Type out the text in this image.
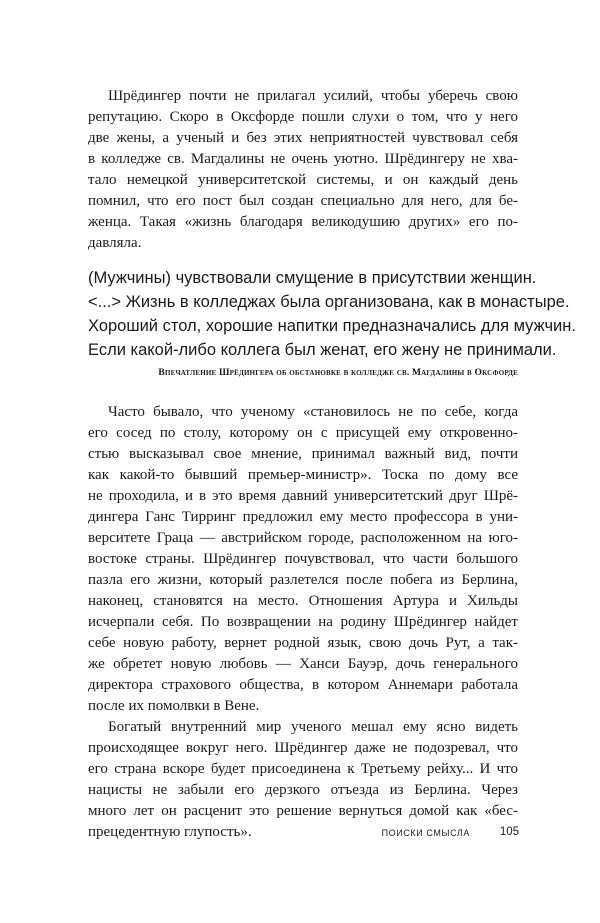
Шрёдингер почти не прилагал усилий, чтобы уберечь свою
репутацию. Скоро в Оксфорде пошли слухи о том, что у него
две жены, а ученый и без этих неприятностей чувствовал себя
в колледже св. Магдалины не очень уютно. Шрёдингеру не хва-
тало немецкой университетской системы, и он каждый день
помнил, что его пост был создан специально для него, для бе-
женца. Такая «жизнь благодаря великодушию других» его по-
давляла.
(Мужчины) чувствовали смущение в присутствии женщин.
<...> Жизнь в колледжах была организована, как в монастыре.
Хороший стол, хорошие напитки предназначались для мужчин.
Если какой-либо коллега был женат, его жену не принимали.
Впечатление Шрёдингера об обстановке в колледже св. Магдалины в Оксфорде
Часто бывало, что ученому «становилось не по себе, когда
его сосед по столу, которому он с присущей ему откровенно-
стью высказывал свое мнение, принимал важный вид, почти
как какой-то бывший премьер-министр». Тоска по дому все
не проходила, и в это время давний университетский друг Шрё-
дингера Ганс Тирринг предложил ему место профессора в уни-
верситете Граца — австрийском городе, расположенном на юго-
востоке страны. Шрёдингер почувствовал, что части большого
пазла его жизни, который разлетелся после побега из Берлина,
наконец, становятся на место. Отношения Артура и Хильды
исчерпали себя. По возвращении на родину Шрёдингер найдет
себе новую работу, вернет родной язык, свою дочь Рут, а так-
же обретет новую любовь — Ханси Бауэр, дочь генерального
директора страхового общества, в котором Аннемари работала
после их помолвки в Вене.
Богатый внутренний мир ученого мешал ему ясно видеть
происходящее вокруг него. Шрёдингер даже не подозревал, что
его страна вскоре будет присоединена к Третьему рейху... И что
нацисты не забыли его дерзкого отъезда из Берлина. Через
много лет он расценит это решение вернуться домой как «бес-
прецедентную глупость».	ПОИСКИ СМЫСЛА	105
